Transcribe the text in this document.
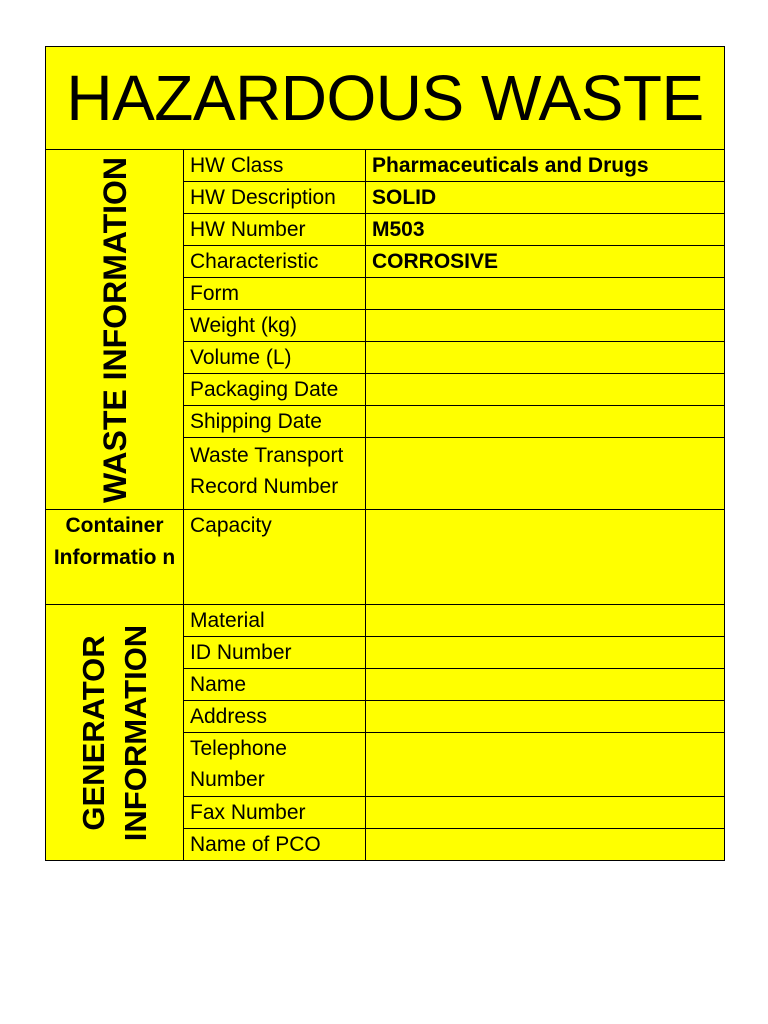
HAZARDOUS WASTE		

WASTE INFORMATION	HW Class	Pharmaceuticals and Drugs
	HW Description	SOLID
	HW Number	M503
	Characteristic	CORROSIVE
	Form	
	Weight (kg)	
	Volume (L)	
	Packaging Date	
	Shipping Date	
	Waste Transport Record Number	
Container Informatio n	Capacity	

GENERATOR INFORMATION	Material	
	ID Number	
	Name	
	Address	
	Telephone Number	
	Fax Number	
	Name of PCO	
